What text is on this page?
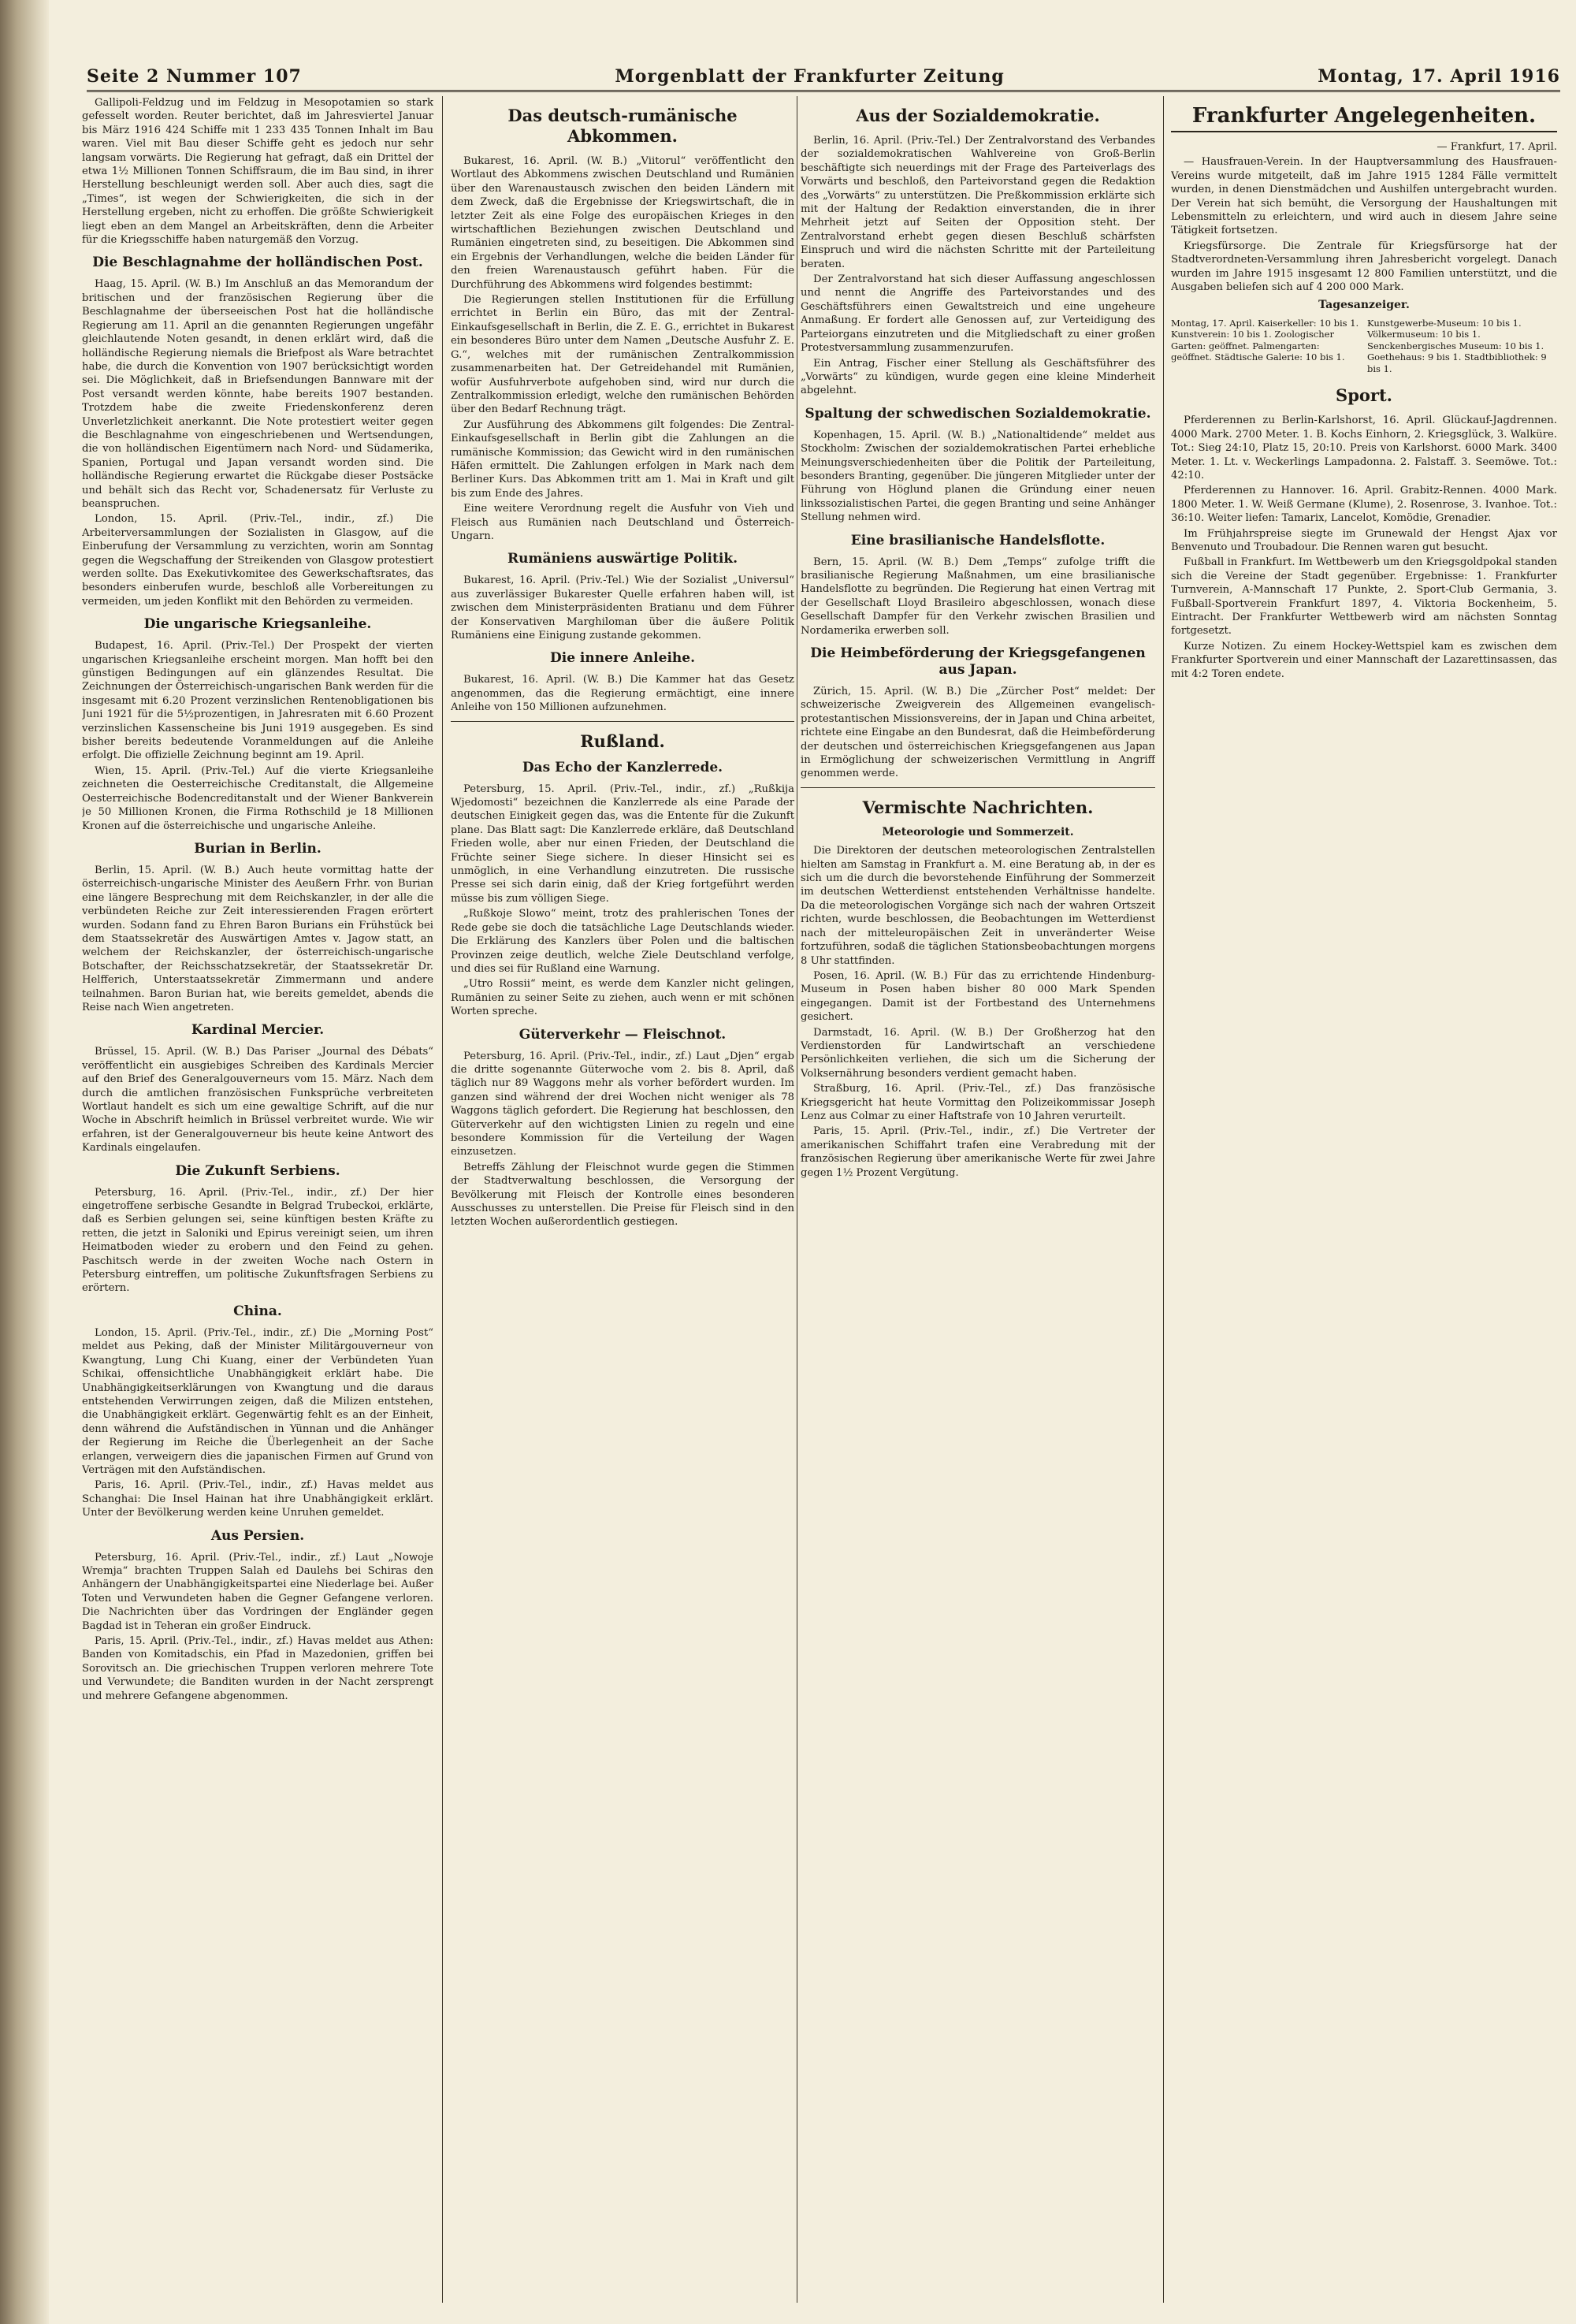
Seite 2 Nummer 107	Morgenblatt der Frankfurter Zeitung	Montag, 17. April 1916

Gallipoli-Feldzug und im Feldzug in Mesopotamien so stark gefesselt worden. Reuter berichtet, daß im Jahresviertel Januar bis März 1916 424 Schiffe mit 1 233 435 Tonnen Inhalt im Bau waren. Viel mit Bau dieser Schiffe geht es jedoch nur sehr langsam vorwärts. Die Regierung hat gefragt, daß ein Drittel der etwa 1½ Millionen Tonnen Schiffsraum, die im Bau sind, in ihrer Herstellung beschleunigt werden soll. Aber auch dies, sagt die „Times“, ist wegen der Schwierigkeiten, die sich in der Herstellung ergeben, nicht zu erhoffen. Die größte Schwierigkeit liegt eben an dem Mangel an Arbeitskräften, denn die Arbeiter für die Kriegsschiffe haben naturgemäß den Vorzug.

Die Beschlagnahme der holländischen Post.

Haag, 15. April. (W. B.) Im Anschluß an das Memorandum der britischen und der französischen Regierung über die Beschlagnahme der überseeischen Post hat die holländische Regierung am 11. April an die genannten Regierungen ungefähr gleichlautende Noten gesandt, in denen erklärt wird, daß die holländische Regierung niemals die Briefpost als Ware betrachtet habe, die durch die Konvention von 1907 berücksichtigt worden sei. Die Möglichkeit, daß in Briefsendungen Bannware mit der Post versandt werden könnte, habe bereits 1907 bestanden. Trotzdem habe die zweite Friedenskonferenz deren Unverletzlichkeit anerkannt. Die Note protestiert weiter gegen die Beschlagnahme von eingeschriebenen und Wertsendungen, die von holländischen Eigentümern nach Nord- und Südamerika, Spanien, Portugal und Japan versandt worden sind. Die holländische Regierung erwartet die Rückgabe dieser Postsäcke und behält sich das Recht vor, Schadenersatz für Verluste zu beanspruchen.

London, 15. April. (Priv.-Tel., indir., zf.) Die Arbeiterversammlungen der Sozialisten in Glasgow, auf die Einberufung der Versammlung zu verzichten, worin am Sonntag gegen die Wegschaffung der Streikenden von Glasgow protestiert werden sollte. Das Exekutivkomitee des Gewerkschaftsrates, das besonders einberufen wurde, beschloß alle Vorbereitungen zu vermeiden, um jeden Konflikt mit den Behörden zu vermeiden.

Die ungarische Kriegsanleihe.

Budapest, 16. April. (Priv.-Tel.) Der Prospekt der vierten ungarischen Kriegsanleihe erscheint morgen. Man hofft bei den günstigen Bedingungen auf ein glänzendes Resultat. Die Zeichnungen der Österreichisch-ungarischen Bank werden für die insgesamt mit 6.20 Prozent verzinslichen Rentenobligationen bis Juni 1921 für die 5½prozentigen, in Jahresraten mit 6.60 Prozent verzinslichen Kassenscheine bis Juni 1919 ausgegeben. Es sind bisher bereits bedeutende Voranmeldungen auf die Anleihe erfolgt. Die offizielle Zeichnung beginnt am 19. April.

Wien, 15. April. (Priv.-Tel.) Auf die vierte Kriegsanleihe zeichneten die Oesterreichische Creditanstalt, die Allgemeine Oesterreichische Bodencreditanstalt und der Wiener Bankverein je 50 Millionen Kronen, die Firma Rothschild je 18 Millionen Kronen auf die österreichische und ungarische Anleihe.

Burian in Berlin.

Berlin, 15. April. (W. B.) Auch heute vormittag hatte der österreichisch-ungarische Minister des Aeußern Frhr. von Burian eine längere Besprechung mit dem Reichskanzler, in der alle die verbündeten Reiche zur Zeit interessierenden Fragen erörtert wurden. Sodann fand zu Ehren Baron Burians ein Frühstück bei dem Staatssekretär des Auswärtigen Amtes v. Jagow statt, an welchem der Reichskanzler, der österreichisch-ungarische Botschafter, der Reichsschatzsekretär, der Staatssekretär Dr. Helfferich, Unterstaatssekretär Zimmermann und andere teilnahmen. Baron Burian hat, wie bereits gemeldet, abends die Reise nach Wien angetreten.

Kardinal Mercier.

Brüssel, 15. April. (W. B.) Das Pariser „Journal des Débats“ veröffentlicht ein ausgiebiges Schreiben des Kardinals Mercier auf den Brief des Generalgouverneurs vom 15. März. Nach dem durch die amtlichen französischen Funksprüche verbreiteten Wortlaut handelt es sich um eine gewaltige Schrift, auf die nur Woche in Abschrift heimlich in Brüssel verbreitet wurde. Wie wir erfahren, ist der Generalgouverneur bis heute keine Antwort des Kardinals eingelaufen.

Die Zukunft Serbiens.

Petersburg, 16. April. (Priv.-Tel., indir., zf.) Der hier eingetroffene serbische Gesandte in Belgrad Trubeckoi, erklärte, daß es Serbien gelungen sei, seine künftigen besten Kräfte zu retten, die jetzt in Saloniki und Epirus vereinigt seien, um ihren Heimatboden wieder zu erobern und den Feind zu gehen. Paschitsch werde in der zweiten Woche nach Ostern in Petersburg eintreffen, um politische Zukunftsfragen Serbiens zu erörtern.

China.

London, 15. April. (Priv.-Tel., indir., zf.) Die „Morning Post“ meldet aus Peking, daß der Minister Militärgouverneur von Kwangtung, Lung Chi Kuang, einer der Verbündeten Yuan Schikai, offensichtliche Unabhängigkeit erklärt habe. Die Unabhängigkeitserklärungen von Kwangtung und die daraus entstehenden Verwirrungen zeigen, daß die Milizen entstehen, die Unabhängigkeit erklärt. Gegenwärtig fehlt es an der Einheit, denn während die Aufständischen in Yünnan und die Anhänger der Regierung im Reiche die Überlegenheit an der Sache erlangen, verweigern dies die japanischen Firmen auf Grund von Verträgen mit den Aufständischen.

Paris, 16. April. (Priv.-Tel., indir., zf.) Havas meldet aus Schanghai: Die Insel Hainan hat ihre Unabhängigkeit erklärt. Unter der Bevölkerung werden keine Unruhen gemeldet.

Aus Persien.

Petersburg, 16. April. (Priv.-Tel., indir., zf.) Laut „Nowoje Wremja“ brachten Truppen Salah ed Daulehs bei Schiras den Anhängern der Unabhängigkeitspartei eine Niederlage bei. Außer Toten und Verwundeten haben die Gegner Gefangene verloren. Die Nachrichten über das Vordringen der Engländer gegen Bagdad ist in Teheran ein großer Eindruck.

Paris, 15. April. (Priv.-Tel., indir., zf.) Havas meldet aus Athen: Banden von Komitadschis, ein Pfad in Mazedonien, griffen bei Sorovitsch an. Die griechischen Truppen verloren mehrere Tote und Verwundete; die Banditen wurden in der Nacht zersprengt und mehrere Gefangene abgenommen.

Das deutsch-rumänische Abkommen.

Bukarest, 16. April. (W. B.) „Viitorul“ veröffentlicht den Wortlaut des Abkommens zwischen Deutschland und Rumänien über den Warenaustausch zwischen den beiden Ländern mit dem Zweck, daß die Ergebnisse der Kriegswirtschaft, die in letzter Zeit als eine Folge des europäischen Krieges in den wirtschaftlichen Beziehungen zwischen Deutschland und Rumänien eingetreten sind, zu beseitigen. Die Abkommen sind ein Ergebnis der Verhandlungen, welche die beiden Länder für den freien Warenaustausch geführt haben. Für die Durchführung des Abkommens wird folgendes bestimmt:

Die Regierungen stellen Institutionen für die Erfüllung errichtet in Berlin ein Büro, das mit der Zentral-Einkaufsgesellschaft in Berlin, die Z. E. G., errichtet in Bukarest ein besonderes Büro unter dem Namen „Deutsche Ausfuhr Z. E. G.“, welches mit der rumänischen Zentralkommission zusammenarbeiten hat. Der Getreidehandel mit Rumänien, wofür Ausfuhrverbote aufgehoben sind, wird nur durch die Zentralkommission erledigt, welche den rumänischen Behörden über den Bedarf Rechnung trägt.

Zur Ausführung des Abkommens gilt folgendes: Die Zentral-Einkaufsgesellschaft in Berlin gibt die Zahlungen an die rumänische Kommission; das Gewicht wird in den rumänischen Häfen ermittelt. Die Zahlungen erfolgen in Mark nach dem Berliner Kurs. Das Abkommen tritt am 1. Mai in Kraft und gilt bis zum Ende des Jahres.

Eine weitere Verordnung regelt die Ausfuhr von Vieh und Fleisch aus Rumänien nach Deutschland und Österreich-Ungarn.

Rumäniens auswärtige Politik.

Bukarest, 16. April. (Priv.-Tel.) Wie der Sozialist „Universul“ aus zuverlässiger Bukarester Quelle erfahren haben will, ist zwischen dem Ministerpräsidenten Bratianu und dem Führer der Konservativen Marghiloman über die äußere Politik Rumäniens eine Einigung zustande gekommen.

Die innere Anleihe.

Bukarest, 16. April. (W. B.) Die Kammer hat das Gesetz angenommen, das die Regierung ermächtigt, eine innere Anleihe von 150 Millionen aufzunehmen.

Rußland.
Das Echo der Kanzlerrede.

Petersburg, 15. April. (Priv.-Tel., indir., zf.) „Rußkija Wjedomosti“ bezeichnen die Kanzlerrede als eine Parade der deutschen Einigkeit gegen das, was die Entente für die Zukunft plane. Das Blatt sagt: Die Kanzlerrede erkläre, daß Deutschland Frieden wolle, aber nur einen Frieden, der Deutschland die Früchte seiner Siege sichere. In dieser Hinsicht sei es unmöglich, in eine Verhandlung einzutreten. Die russische Presse sei sich darin einig, daß der Krieg fortgeführt werden müsse bis zum völligen Siege.

„Rußkoje Slowo“ meint, trotz des prahlerischen Tones der Rede gebe sie doch die tatsächliche Lage Deutschlands wieder. Die Erklärung des Kanzlers über Polen und die baltischen Provinzen zeige deutlich, welche Ziele Deutschland verfolge, und dies sei für Rußland eine Warnung.

„Utro Rossii“ meint, es werde dem Kanzler nicht gelingen, Rumänien zu seiner Seite zu ziehen, auch wenn er mit schönen Worten spreche.

Güterverkehr — Fleischnot.

Petersburg, 16. April. (Priv.-Tel., indir., zf.) Laut „Djen“ ergab die dritte sogenannte Güterwoche vom 2. bis 8. April, daß täglich nur 89 Waggons mehr als vorher befördert wurden. Im ganzen sind während der drei Wochen nicht weniger als 78 Waggons täglich gefordert. Die Regierung hat beschlossen, den Güterverkehr auf den wichtigsten Linien zu regeln und eine besondere Kommission für die Verteilung der Wagen einzusetzen.

Betreffs Zählung der Fleischnot wurde gegen die Stimmen der Stadtverwaltung beschlossen, die Versorgung der Bevölkerung mit Fleisch der Kontrolle eines besonderen Ausschusses zu unterstellen. Die Preise für Fleisch sind in den letzten Wochen außerordentlich gestiegen.

Aus der Sozialdemokratie.

Berlin, 16. April. (Priv.-Tel.) Der Zentralvorstand des Verbandes der sozialdemokratischen Wahlvereine von Groß-Berlin beschäftigte sich neuerdings mit der Frage des Parteiverlags des Vorwärts und beschloß, den Parteivorstand gegen die Redaktion des „Vorwärts“ zu unterstützen. Die Preßkommission erklärte sich mit der Haltung der Redaktion einverstanden, die in ihrer Mehrheit jetzt auf Seiten der Opposition steht. Der Zentralvorstand erhebt gegen diesen Beschluß schärfsten Einspruch und wird die nächsten Schritte mit der Parteileitung beraten.

Der Zentralvorstand hat sich dieser Auffassung angeschlossen und nennt die Angriffe des Parteivorstandes und des Geschäftsführers einen Gewaltstreich und eine ungeheure Anmaßung. Er fordert alle Genossen auf, zur Verteidigung des Parteiorgans einzutreten und die Mitgliedschaft zu einer großen Protestversammlung zusammenzurufen.

Ein Antrag, Fischer einer Stellung als Geschäftsführer des „Vorwärts“ zu kündigen, wurde gegen eine kleine Minderheit abgelehnt.

Spaltung der schwedischen Sozialdemokratie.

Kopenhagen, 15. April. (W. B.) „Nationaltidende“ meldet aus Stockholm: Zwischen der sozialdemokratischen Partei erhebliche Meinungsverschiedenheiten über die Politik der Parteileitung, besonders Branting, gegenüber. Die jüngeren Mitglieder unter der Führung von Höglund planen die Gründung einer neuen linkssozialistischen Partei, die gegen Branting und seine Anhänger Stellung nehmen wird.

Eine brasilianische Handelsflotte.

Bern, 15. April. (W. B.) Dem „Temps“ zufolge trifft die brasilianische Regierung Maßnahmen, um eine brasilianische Handelsflotte zu begründen. Die Regierung hat einen Vertrag mit der Gesellschaft Lloyd Brasileiro abgeschlossen, wonach diese Gesellschaft Dampfer für den Verkehr zwischen Brasilien und Nordamerika erwerben soll.

Die Heimbeförderung der Kriegsgefangenen aus Japan.

Zürich, 15. April. (W. B.) Die „Zürcher Post“ meldet: Der schweizerische Zweigverein des Allgemeinen evangelisch-protestantischen Missionsvereins, der in Japan und China arbeitet, richtete eine Eingabe an den Bundesrat, daß die Heimbeförderung der deutschen und österreichischen Kriegsgefangenen aus Japan in Ermöglichung der schweizerischen Vermittlung in Angriff genommen werde.

Vermischte Nachrichten.
Meteorologie und Sommerzeit.

Die Direktoren der deutschen meteorologischen Zentralstellen hielten am Samstag in Frankfurt a. M. eine Beratung ab, in der es sich um die durch die bevorstehende Einführung der Sommerzeit im deutschen Wetterdienst entstehenden Verhältnisse handelte. Da die meteorologischen Vorgänge sich nach der wahren Ortszeit richten, wurde beschlossen, die Beobachtungen im Wetterdienst nach der mitteleuropäischen Zeit in unveränderter Weise fortzuführen, sodaß die täglichen Stationsbeobachtungen morgens 8 Uhr stattfinden.

Posen, 16. April. (W. B.) Für das zu errichtende Hindenburg-Museum in Posen haben bisher 80 000 Mark Spenden eingegangen. Damit ist der Fortbestand des Unternehmens gesichert.

Darmstadt, 16. April. (W. B.) Der Großherzog hat den Verdienstorden für Landwirtschaft an verschiedene Persönlichkeiten verliehen, die sich um die Sicherung der Volksernährung besonders verdient gemacht haben.

Straßburg, 16. April. (Priv.-Tel., zf.) Das französische Kriegsgericht hat heute Vormittag den Polizeikommissar Joseph Lenz aus Colmar zu einer Haftstrafe von 10 Jahren verurteilt.

Paris, 15. April. (Priv.-Tel., indir., zf.) Die Vertreter der amerikanischen Schiffahrt trafen eine Verabredung mit der französischen Regierung über amerikanische Werte für zwei Jahre gegen 1½ Prozent Vergütung.

Frankfurter Angelegenheiten.

— Frankfurt, 17. April.

— Hausfrauen-Verein. In der Hauptversammlung des Hausfrauen-Vereins wurde mitgeteilt, daß im Jahre 1915 1284 Fälle vermittelt wurden, in denen Dienstmädchen und Aushilfen untergebracht wurden. Der Verein hat sich bemüht, die Versorgung der Haushaltungen mit Lebensmitteln zu erleichtern, und wird auch in diesem Jahre seine Tätigkeit fortsetzen.

Kriegsfürsorge. Die Zentrale für Kriegsfürsorge hat der Stadtverordneten-Versammlung ihren Jahresbericht vorgelegt. Danach wurden im Jahre 1915 insgesamt 12 800 Familien unterstützt, und die Ausgaben beliefen sich auf 4 200 000 Mark.

Tagesanzeiger.

Montag, 17. April. Kaiserkeller: 10 bis 1. Kunstverein: 10 bis 1. Zoologischer Garten: geöffnet. Palmengarten: geöffnet. Städtische Galerie: 10 bis 1.

Kunstgewerbe-Museum: 10 bis 1. Völkermuseum: 10 bis 1. Senckenbergisches Museum: 10 bis 1. Goethehaus: 9 bis 1. Stadtbibliothek: 9 bis 1.

Sport.

Pferderennen zu Berlin-Karlshorst, 16. April. Glückauf-Jagdrennen. 4000 Mark. 2700 Meter. 1. B. Kochs Einhorn, 2. Kriegsglück, 3. Walküre. Tot.: Sieg 24:10, Platz 15, 20:10. Preis von Karlshorst. 6000 Mark. 3400 Meter. 1. Lt. v. Weckerlings Lampadonna. 2. Falstaff. 3. Seemöwe. Tot.: 42:10.

Pferderennen zu Hannover. 16. April. Grabitz-Rennen. 4000 Mark. 1800 Meter. 1. W. Weiß Germane (Klume), 2. Rosenrose, 3. Ivanhoe. Tot.: 36:10. Weiter liefen: Tamarix, Lancelot, Komödie, Grenadier.

Im Frühjahrspreise siegte im Grunewald der Hengst Ajax vor Benvenuto und Troubadour. Die Rennen waren gut besucht.

Fußball in Frankfurt. Im Wettbewerb um den Kriegsgoldpokal standen sich die Vereine der Stadt gegenüber. Ergebnisse: 1. Frankfurter Turnverein, A-Mannschaft 17 Punkte, 2. Sport-Club Germania, 3. Fußball-Sportverein Frankfurt 1897, 4. Viktoria Bockenheim, 5. Eintracht. Der Frankfurter Wettbewerb wird am nächsten Sonntag fortgesetzt.

Kurze Notizen. Zu einem Hockey-Wettspiel kam es zwischen dem Frankfurter Sportverein und einer Mannschaft der Lazarettinsassen, das mit 4:2 Toren endete.
